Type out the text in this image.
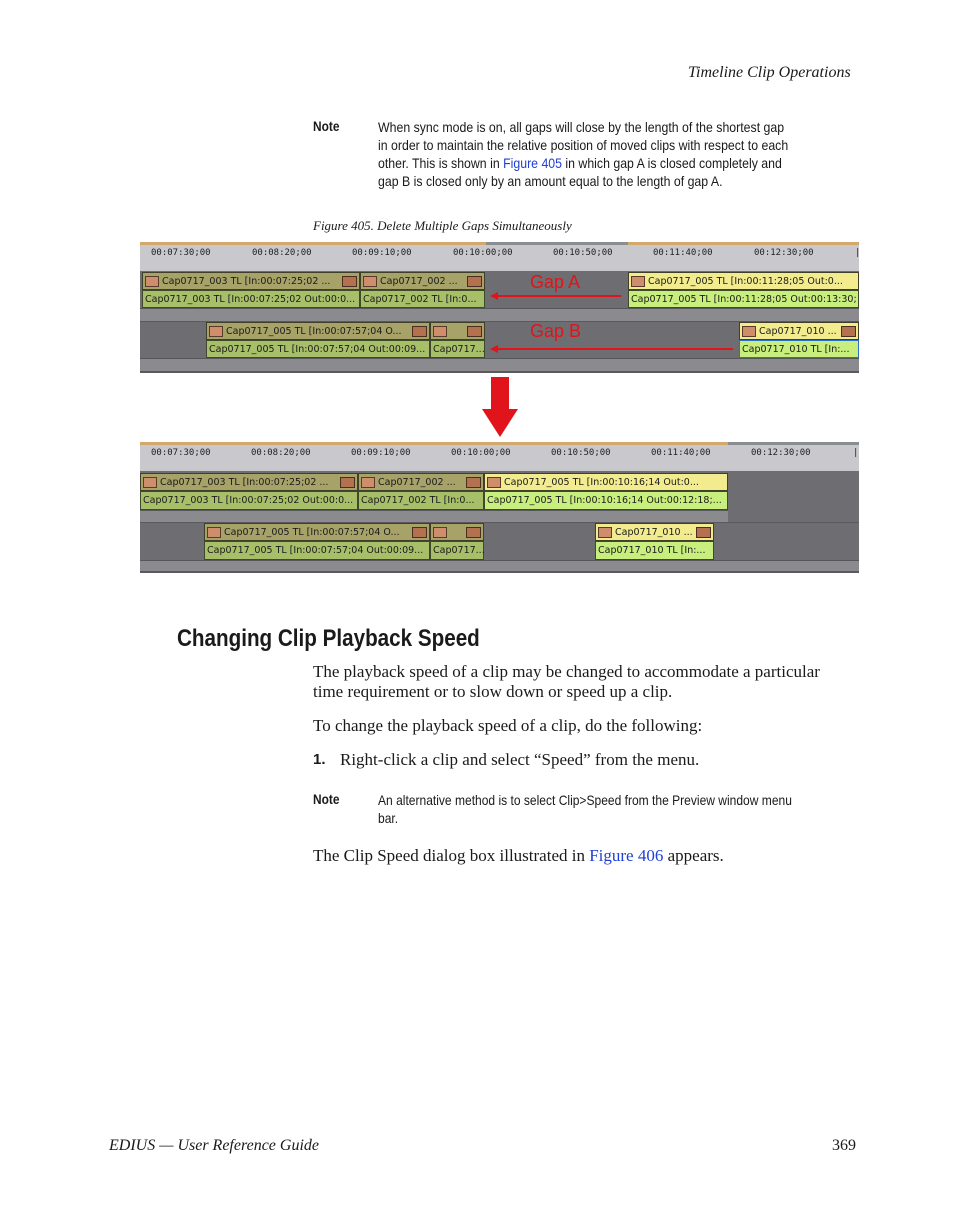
Timeline Clip Operations
Note	When sync mode is on, all gaps will close by the length of the shortest gap
in order to maintain the relative position of moved clips with respect to each
other. This is shown in Figure 405 in which gap A is closed completely and
gap B is closed only by an amount equal to the length of gap A.
Figure 405. Delete Multiple Gaps Simultaneously
00:07:30;00	00:08:20;00	00:09:10;00	00:10:00;00	00:10:50;00	00:11:40;00	00:12:30;00	|
Cap0717_003 TL [In:00:07:25;02 ...	Cap0717_002 ...	Cap0717_005 TL [In:00:11:28;05 Out:0...
Cap0717_003 TL [In:00:07:25;02 Out:00:0... Cap0717_002 TL [In:0...	Cap0717_005 TL [In:00:11:28;05 Out:00:13:30;
Cap0717_005 TL [In:00:07:57;04 O...	Cap0717_010 ...
Cap0717_005 TL [In:00:07:57;04 Out:00:09... Cap0717...	Cap0717_010 TL [In:...
Gap A
Gap B
00:07:30;00	00:08:20;00	00:09:10;00	00:10:00;00	00:10:50;00	00:11:40;00	00:12:30;00	|
Cap0717_003 TL [In:00:07:25;02 ...	Cap0717_002 ...	Cap0717_005 TL [In:00:10:16;14 Out:0...
Cap0717_003 TL [In:00:07:25;02 Out:00:0... Cap0717_002 TL [In:0...	Cap0717_005 TL [In:00:10:16;14 Out:00:12:18;...
Cap0717_005 TL [In:00:07:57;04 O...	Cap0717_010 ...
Cap0717_005 TL [In:00:07:57;04 Out:00:09...	Cap0717...	Cap0717_010 TL [In:...
Changing Clip Playback Speed
The playback speed of a clip may be changed to accommodate a particular
time requirement or to slow down or speed up a clip.
To change the playback speed of a clip, do the following:
1. Right-click a clip and select “Speed” from the menu.
Note	An alternative method is to select Clip>Speed from the Preview window menu
bar.
The Clip Speed dialog box illustrated in Figure 406 appears.
EDIUS — User Reference Guide	369
